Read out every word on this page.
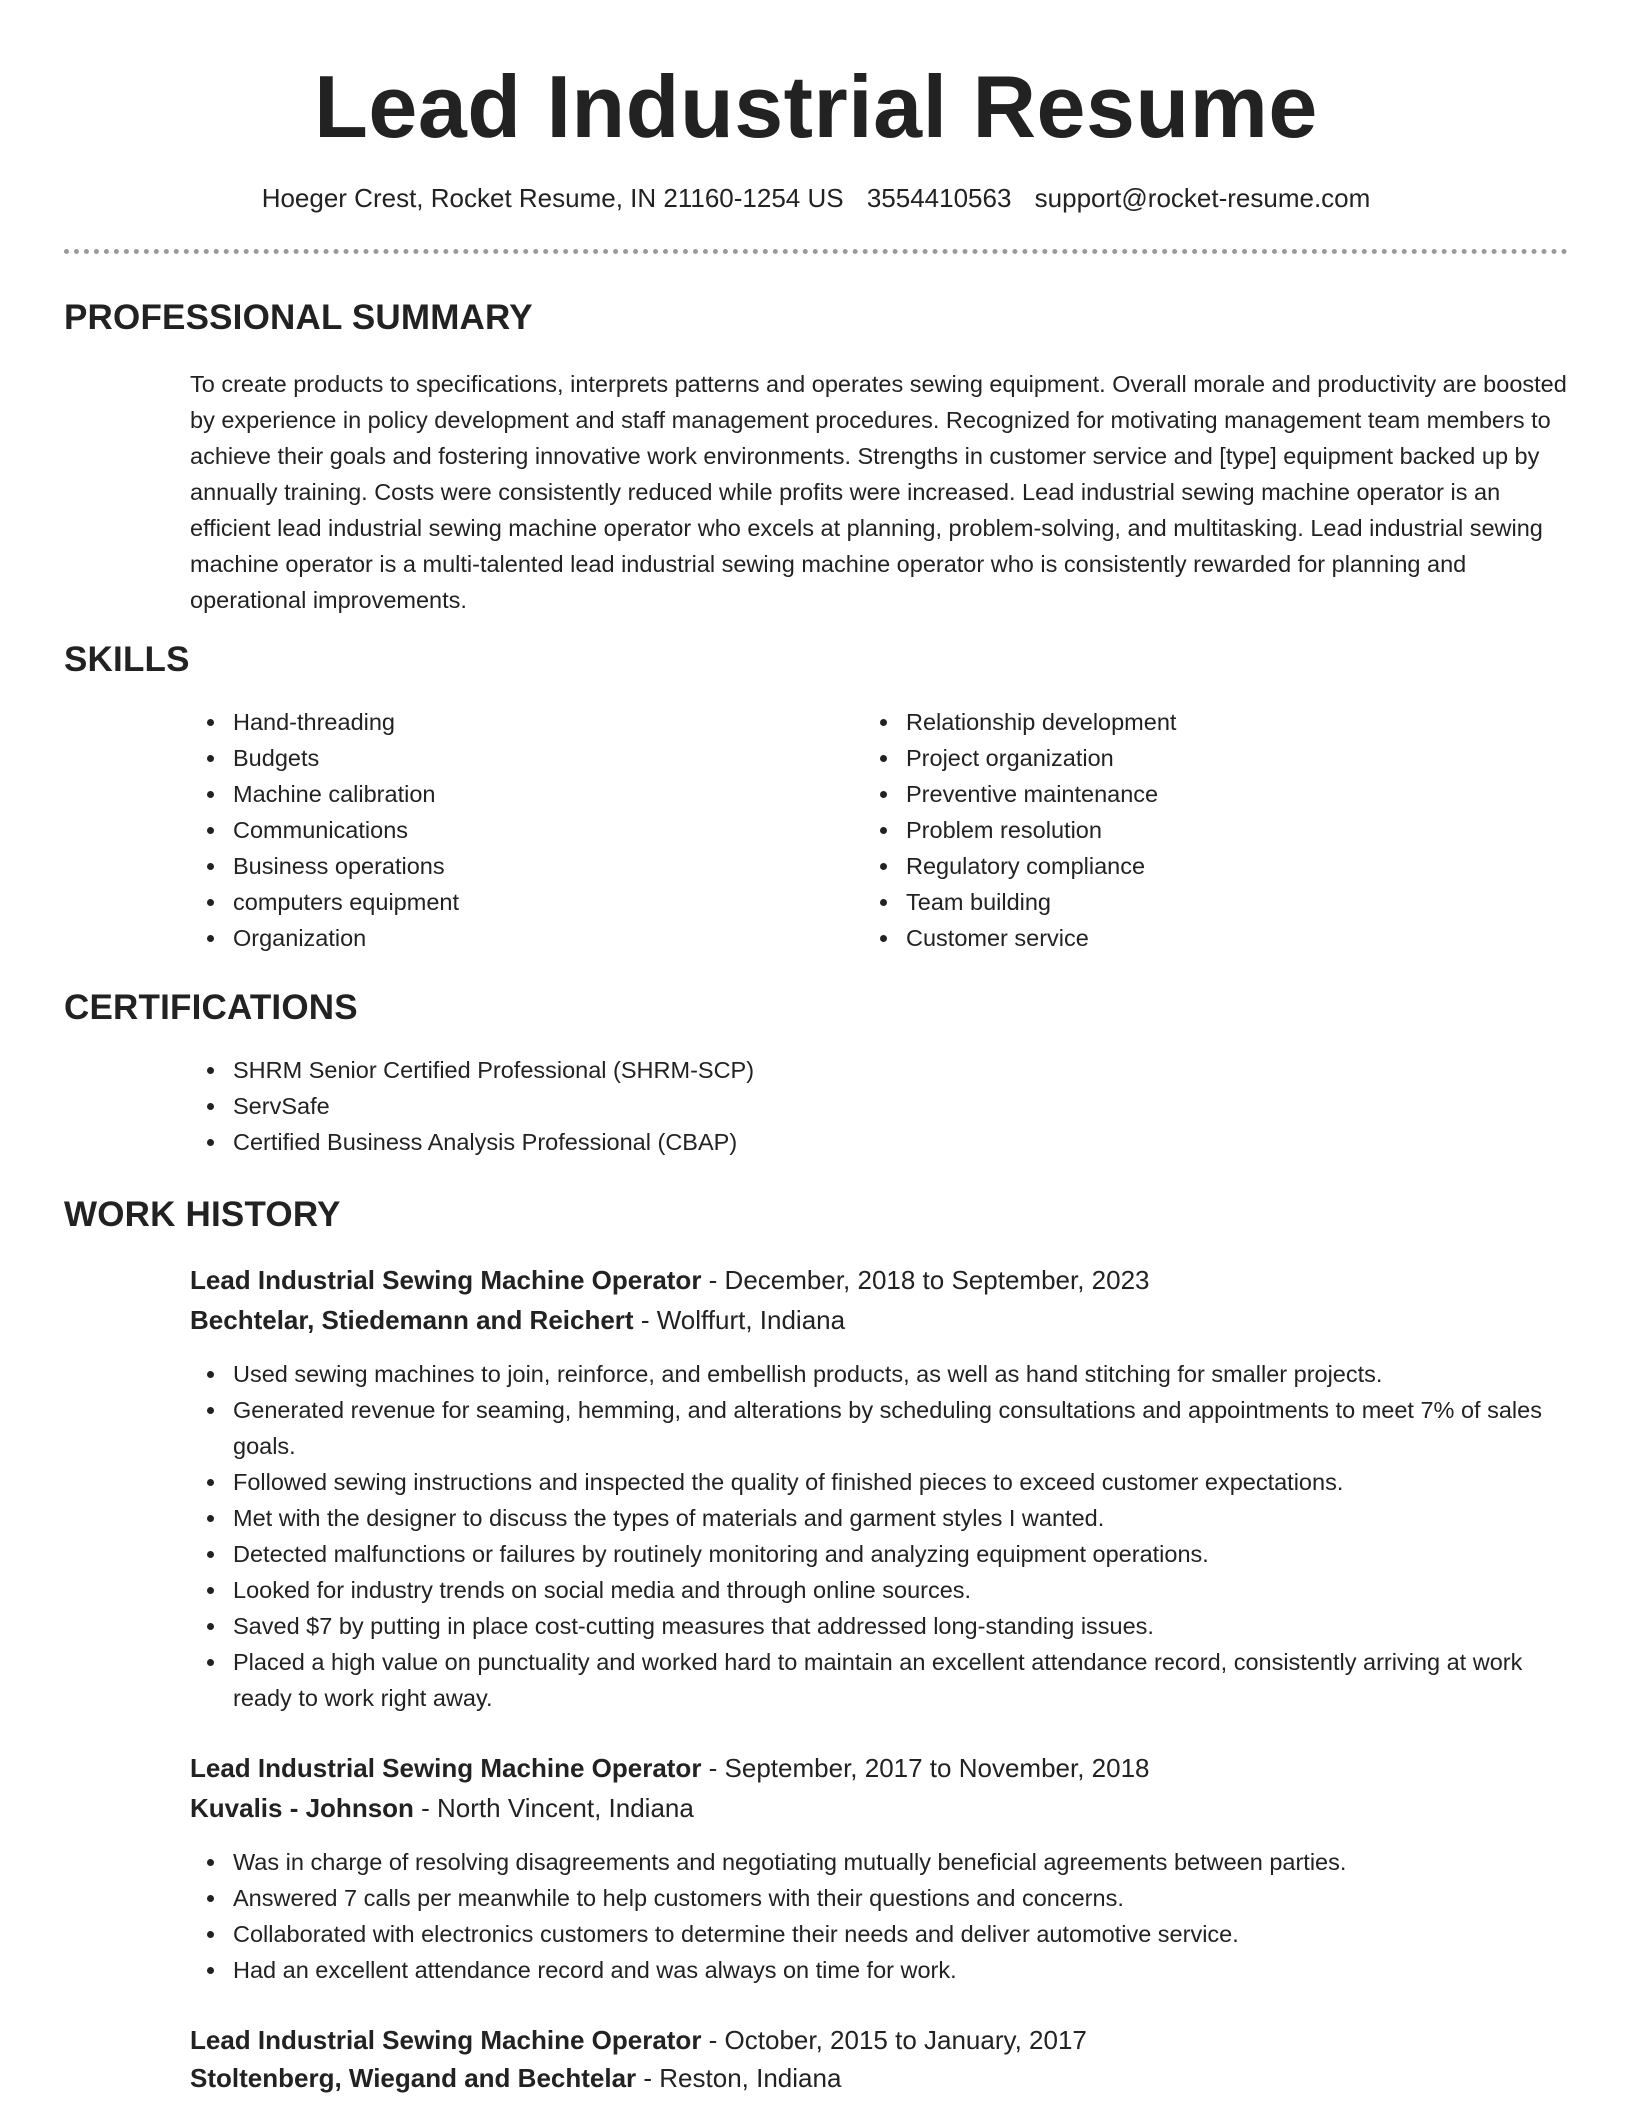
Lead Industrial Resume
Hoeger Crest, Rocket Resume, IN 21160-1254 US 3554410563 support@rocket-resume.com
PROFESSIONAL SUMMARY

To create products to specifications, interprets patterns and operates sewing equipment. Overall morale and productivity are boosted by experience in policy development and staff management procedures. Recognized for motivating management team members to achieve their goals and fostering innovative work environments. Strengths in customer service and [type] equipment backed up by annually training. Costs were consistently reduced while profits were increased. Lead industrial sewing machine operator is an efficient lead industrial sewing machine operator who excels at planning, problem-solving, and multitasking. Lead industrial sewing machine operator is a multi-talented lead industrial sewing machine operator who is consistently rewarded for planning and operational improvements.

SKILLS
Hand-threading
Budgets
Machine calibration
Communications
Business operations
computers equipment
Organization
Relationship development
Project organization
Preventive maintenance
Problem resolution
Regulatory compliance
Team building
Customer service
CERTIFICATIONS
SHRM Senior Certified Professional (SHRM-SCP)
ServSafe
Certified Business Analysis Professional (CBAP)
WORK HISTORY
Lead Industrial Sewing Machine Operator - December, 2018 to September, 2023
Bechtelar, Stiedemann and Reichert - Wolffurt, Indiana
Used sewing machines to join, reinforce, and embellish products, as well as hand stitching for smaller projects.
Generated revenue for seaming, hemming, and alterations by scheduling consultations and appointments to meet 7% of sales goals.
Followed sewing instructions and inspected the quality of finished pieces to exceed customer expectations.
Met with the designer to discuss the types of materials and garment styles I wanted.
Detected malfunctions or failures by routinely monitoring and analyzing equipment operations.
Looked for industry trends on social media and through online sources.
Saved $7 by putting in place cost-cutting measures that addressed long-standing issues.
Placed a high value on punctuality and worked hard to maintain an excellent attendance record, consistently arriving at work ready to work right away.
Lead Industrial Sewing Machine Operator - September, 2017 to November, 2018
Kuvalis - Johnson - North Vincent, Indiana
Was in charge of resolving disagreements and negotiating mutually beneficial agreements between parties.
Answered 7 calls per meanwhile to help customers with their questions and concerns.
Collaborated with electronics customers to determine their needs and deliver automotive service.
Had an excellent attendance record and was always on time for work.
Lead Industrial Sewing Machine Operator - October, 2015 to January, 2017
Stoltenberg, Wiegand and Bechtelar - Reston, Indiana
